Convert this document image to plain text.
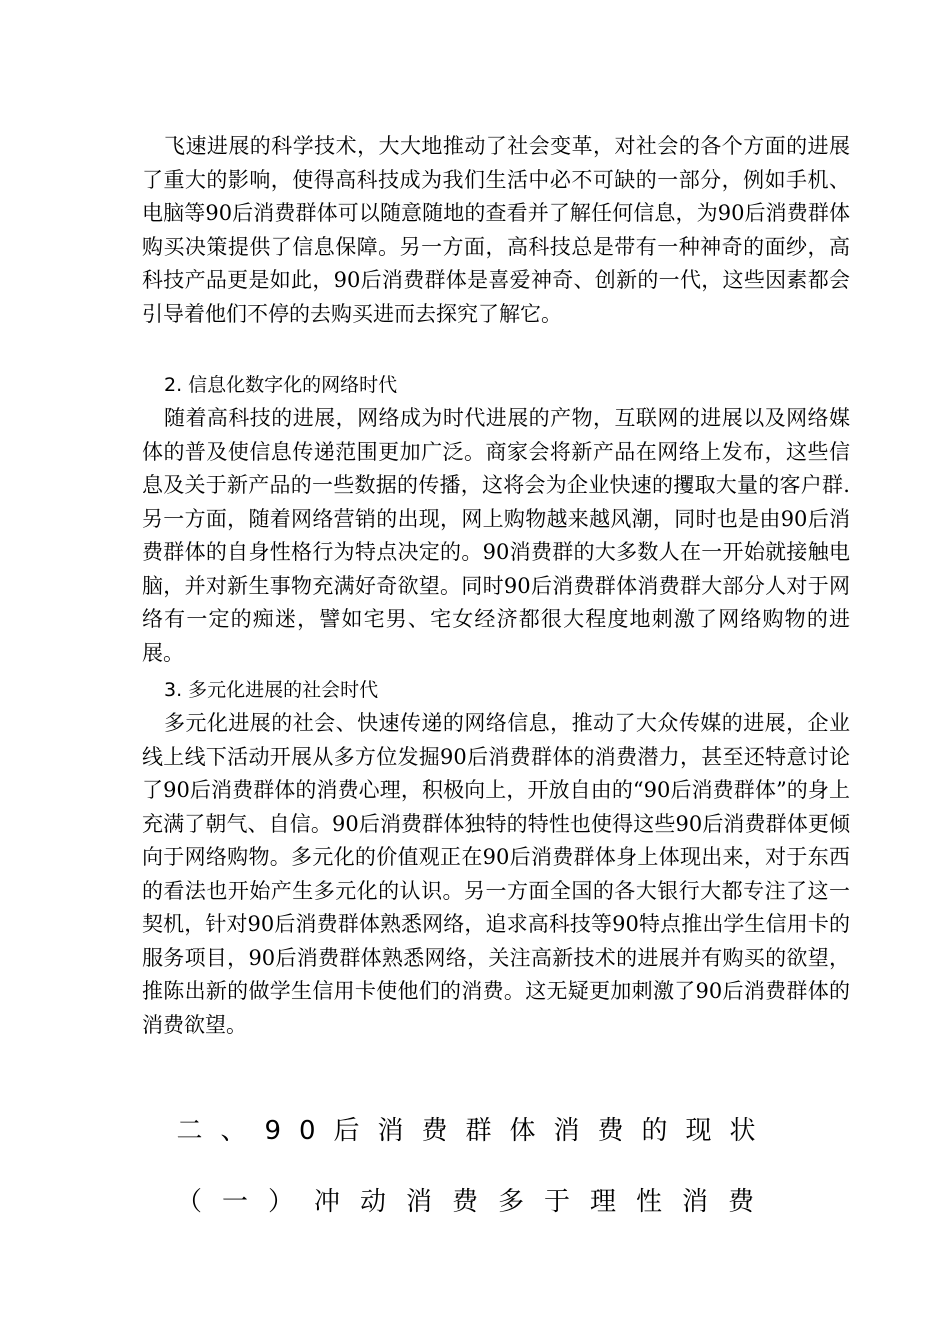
飞速进展的科学技术，大大地推动了社会变革，对社会的各个方面的进展了重大的影响，使得高科技成为我们生活中必不可缺的一部分，例如手机、电脑等90后消费群体可以随意随地的查看并了解任何信息，为90后消费群体购买决策提供了信息保障。另一方面，高科技总是带有一种神奇的面纱，高科技产品更是如此，90后消费群体是喜爱神奇、创新的一代，这些因素都会引导着他们不停的去购买进而去探究了解它。

2. 信息化数字化的网络时代

随着高科技的进展，网络成为时代进展的产物，互联网的进展以及网络媒体的普及使信息传递范围更加广泛。商家会将新产品在网络上发布，这些信息及关于新产品的一些数据的传播，这将会为企业快速的攫取大量的客户群. 另一方面，随着网络营销的出现，网上购物越来越风潮，同时也是由90后消费群体的自身性格行为特点决定的。90消费群的大多数人在一开始就接触电脑，并对新生事物充满好奇欲望。同时90后消费群体消费群大部分人对于网络有一定的痴迷，譬如宅男、宅女经济都很大程度地刺激了网络购物的进展。

3. 多元化进展的社会时代

多元化进展的社会、快速传递的网络信息，推动了大众传媒的进展，企业线上线下活动开展从多方位发掘90后消费群体的消费潜力，甚至还特意讨论了90后消费群体的消费心理，积极向上，开放自由的“90后消费群体”的身上充满了朝气、自信。90后消费群体独特的特性也使得这些90后消费群体更倾向于网络购物。多元化的价值观正在90后消费群体身上体现出来，对于东西的看法也开始产生多元化的认识。另一方面全国的各大银行大都专注了这一契机，针对90后消费群体熟悉网络，追求高科技等90特点推出学生信用卡的服务项目，90后消费群体熟悉网络，关注高新技术的进展并有购买的欲望，推陈出新的做学生信用卡使他们的消费。这无疑更加刺激了90后消费群体的消费欲望。

二、90后消费群体消费的现状
（一）冲动消费多于理性消费
